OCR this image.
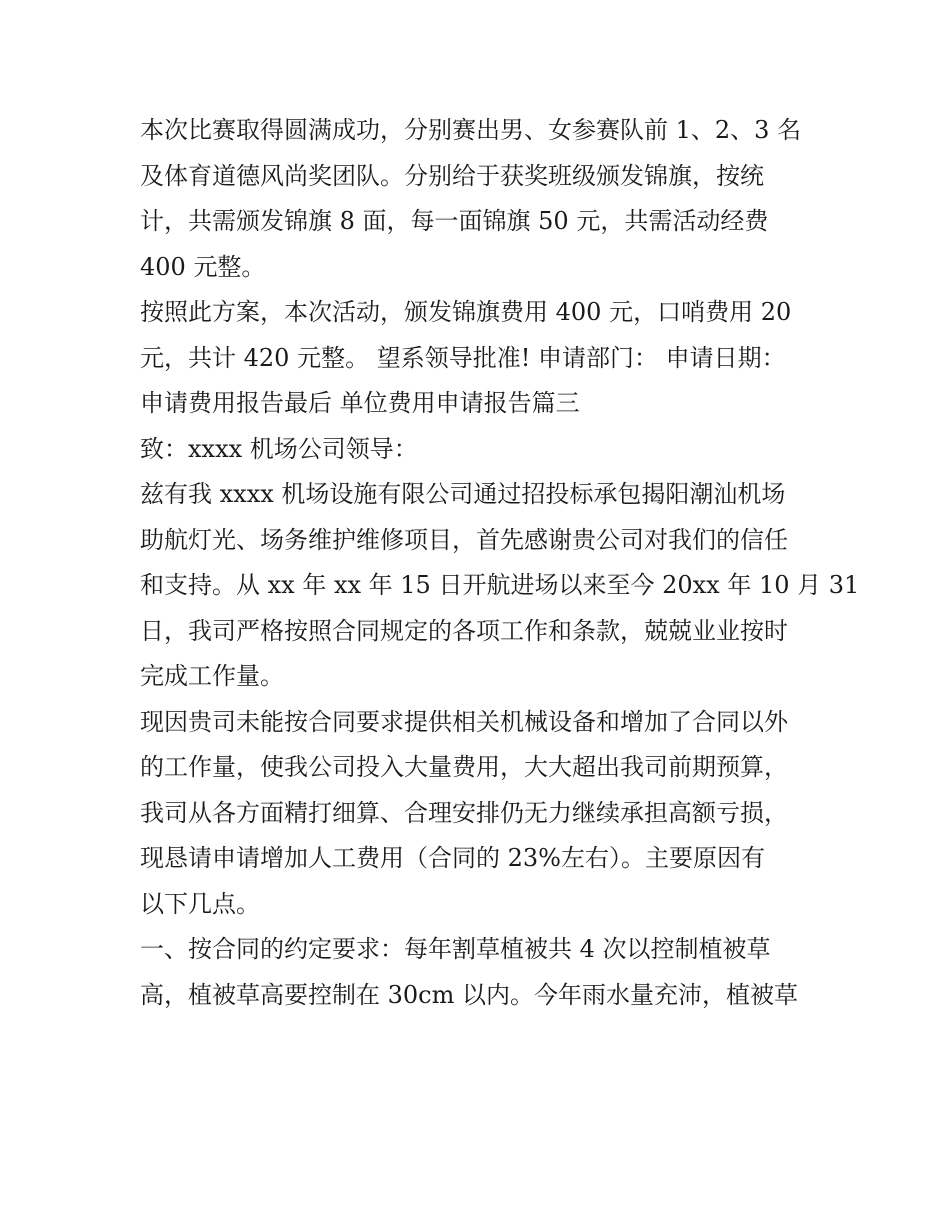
本次比赛取得圆满成功，分别赛出男、女参赛队前 1、2、3 名
及体育道德风尚奖团队。分别给于获奖班级颁发锦旗，按统
计，共需颁发锦旗 8 面，每一面锦旗 50 元，共需活动经费
400 元整。
按照此方案，本次活动，颁发锦旗费用 400 元，口哨费用 20
元，共计 420 元整。 望系领导批准! 申请部门： 申请日期：
申请费用报告最后 单位费用申请报告篇三
致：xxxx 机场公司领导：
兹有我 xxxx 机场设施有限公司通过招投标承包揭阳潮汕机场
助航灯光、场务维护维修项目，首先感谢贵公司对我们的信任
和支持。从 xx 年 xx 年 15 日开航进场以来至今 20xx 年 10 月 31
日，我司严格按照合同规定的各项工作和条款，兢兢业业按时
完成工作量。
现因贵司未能按合同要求提供相关机械设备和增加了合同以外
的工作量，使我公司投入大量费用，大大超出我司前期预算，
我司从各方面精打细算、合理安排仍无力继续承担高额亏损，
现恳请申请增加人工费用（合同的 23%左右）。主要原因有
以下几点。
一、按合同的约定要求：每年割草植被共 4 次以控制植被草
高，植被草高要控制在 30cm 以内。今年雨水量充沛，植被草
